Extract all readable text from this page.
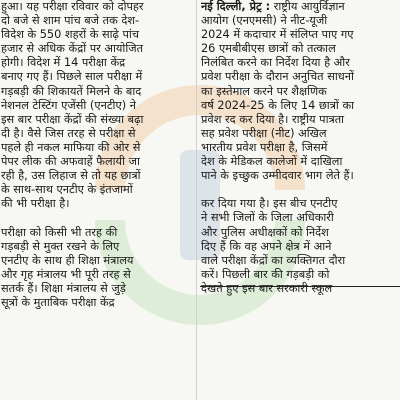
हुआ। यह परीक्षा रविवार को दोपहर
दो बजे से शाम पांच बजे तक देश-
विदेश के 550 शहरों के साढ़े पांच
हजार से अधिक केंद्रों पर आयोजित
होगी। विदेश में 14 परीक्षा केंद्र
बनाए गए हैं। पिछले साल परीक्षा में
गड़बड़ी की शिकायतें मिलने के बाद
नेशनल टेस्टिंग एजेंसी (एनटीए) ने
इस बार परीक्षा केंद्रों की संख्या बढ़ा
दी है। वैसे जिस तरह से परीक्षा से
पहले ही नकल माफिया की ओर से
पेपर लीक की अफवाहें फैलायी जा
रही है, उस लिहाज से तो यह छात्रों
के साथ-साथ एनटीए के इंतजामों
की भी परीक्षा है।
परीक्षा को किसी भी तरह की
गड़बड़ी से मुक्त रखने के लिए
एनटीए के साथ ही शिक्षा मंत्रालय
और गृह मंत्रालय भी पूरी तरह से
सतर्क हैं। शिक्षा मंत्रालय से जुड़े
सूत्रों के मुताबिक परीक्षा केंद्र
नई दिल्ली, प्रेट्र : राष्ट्रीय आयुर्विज्ञान
आयोग (एनएमसी) ने नीट-यूजी
2024 में कदाचार में संलिप्त पाए गए
26 एमबीबीएस छात्रों को तत्काल
निलंबित करने का निर्देश दिया है और
प्रवेश परीक्षा के दौरान अनुचित साधनों
का इस्तेमाल करने पर शैक्षणिक
वर्ष 2024-25 के लिए 14 छात्रों का
प्रवेश रद कर दिया है। राष्ट्रीय पात्रता
सह प्रवेश परीक्षा (नीट) अखिल
भारतीय प्रवेश परीक्षा है, जिसमें
देश के मेडिकल कालेजों में दाखिला
पाने के इच्छुक उम्मीदवार भाग लेते हैं।
कर दिया गया है। इस बीच एनटीए
ने सभी जिलों के जिला अधिकारी
और पुलिस अधीक्षकों को निर्देश
दिए हैं कि वह अपने क्षेत्र में आने
वाले परीक्षा केंद्रों का व्यक्तिगत दौरा
करें। पिछली बार की गड़बड़ी को
देखते हुए इस बार सरकारी स्कूल
